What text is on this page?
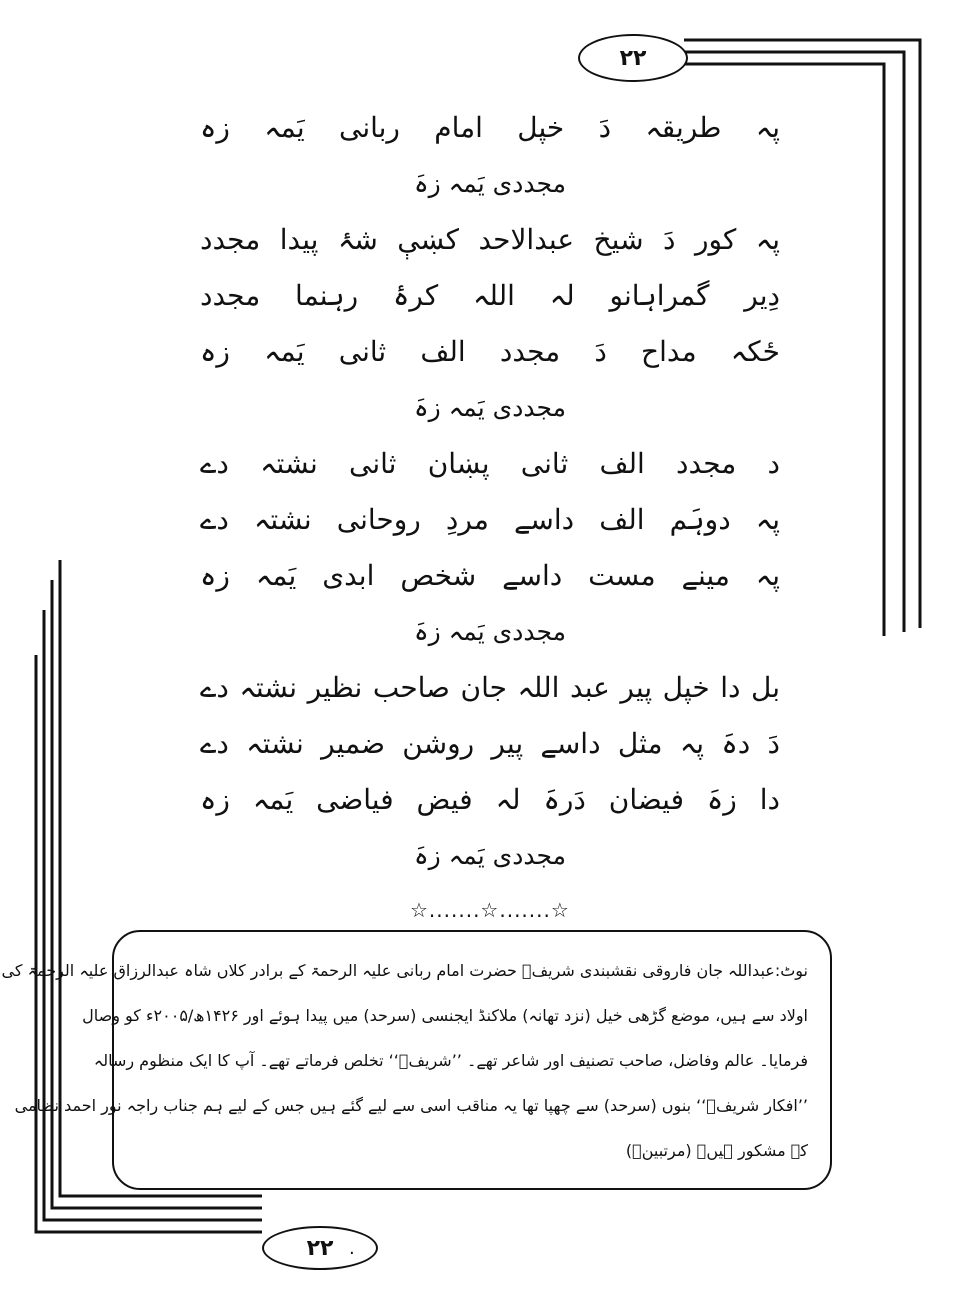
۲۲
۲۲ .
پہ طریقہ دَ خپل امام ربانی یَمہ زہ
مجددی یَمہ زہَ
پہ کور دَ شیخ عبدالاحد کښې شۂ پیدا مجدد
دِیر گمراہانو لہ اللہ کرۂ رہنما مجدد
ځکہ مداح دَ مجدد الف ثانی یَمہ زہ
مجددی یَمہ زہَ
د مجدد الف ثانی پښان ثانی نشتہ دے
پہ دوہَم الف داسے مردِ روحانی نشتہ دے
پہ مینے مست داسے شخص ابدی یَمہ زہ
مجددی یَمہ زہَ
بل دا خپل پیر عبد اللہ جان صاحب نظیر نشتہ دے
دَ دہَ پہ مثل داسے پیر روشن ضمیر نشتہ دے
دا زہَ فیضان دَرہَ لہ فیض فیاضی یَمہ زہ
مجددی یَمہ زہَ
☆.......☆.......☆
نوٹ:عبداللہ جان فاروقی نقشبندی شریفؔ حضرت امام ربانی علیہ الرحمۃ کے برادر کلاں شاہ عبدالرزاق علیہ الرحمۃ کی
اولاد سے ہیں، موضع گڑھی خیل (نزد تھانہ) ملاکنڈ ایجنسی (سرحد) میں پیدا ہوئے اور ۱۴۲۶ھ/۲۰۰۵ء کو وصال
فرمایا۔ عالم وفاضل، صاحب تصنیف اور شاعر تھے۔ ’’شریفؔ‘‘ تخلص فرماتے تھے۔ آپ کا ایک منظوم رسالہ
’’افکار شریفؔ‘‘ بنوں (سرحد) سے چھپا تھا یہ مناقب اسی سے لیے گئے ہیں جس کے لیے ہم جناب راجہ نور احمد نظامی
کے مشکور ہیں۔ (مرتبینؔ)
